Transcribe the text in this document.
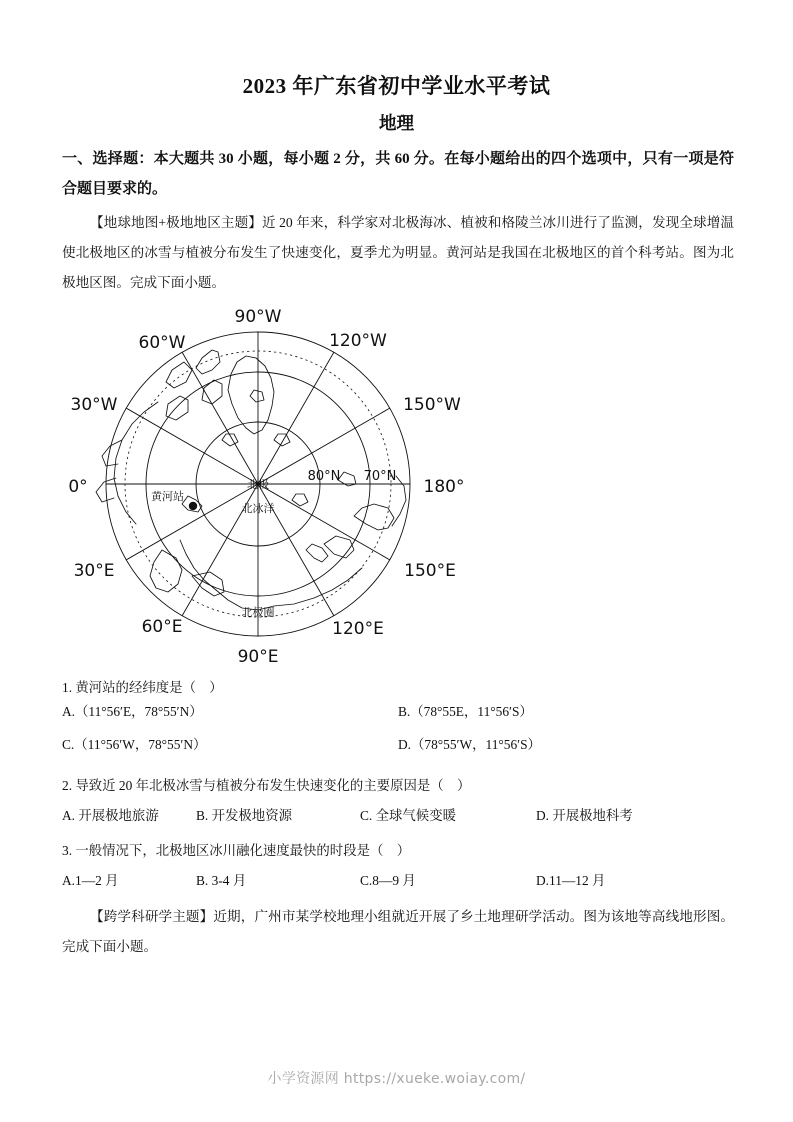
2023 年广东省初中学业水平考试
地理
一、选择题：本大题共 30 小题，每小题 2 分，共 60 分。在每小题给出的四个选项中，只有一项是符合题目要求的。
【地球地图+极地地区主题】近 20 年来，科学家对北极海冰、植被和格陵兰冰川进行了监测，发现全球增温使北极地区的冰雪与植被分布发生了快速变化，夏季尤为明显。黄河站是我国在北极地区的首个科考站。图为北极地区图。完成下面小题。
90°W
60°W
30°W
0°
30°E
60°E
90°E
120°E
150°E
180°
150°W
120°W
80°N 70°N
北极
北冰洋
黄河站
北极圈
1. 黄河站的经纬度是（    ）
A.（11°56′E，78°55′N）	B.（78°55E，11°56′S）
C.（11°56′W，78°55′N）	D.（78°55′W，11°56′S）
2. 导致近 20 年北极冰雪与植被分布发生快速变化的主要原因是（    ）
A. 开展极地旅游	B. 开发极地资源	C. 全球气候变暖	D. 开展极地科考
3. 一般情况下，北极地区冰川融化速度最快的时段是（    ）
A.1—2 月	B. 3-4 月	C.8—9 月	D.11—12 月
【跨学科研学主题】近期，广州市某学校地理小组就近开展了乡土地理研学活动。图为该地等高线地形图。完成下面小题。
小学资源网 https://xueke.woiay.com/
